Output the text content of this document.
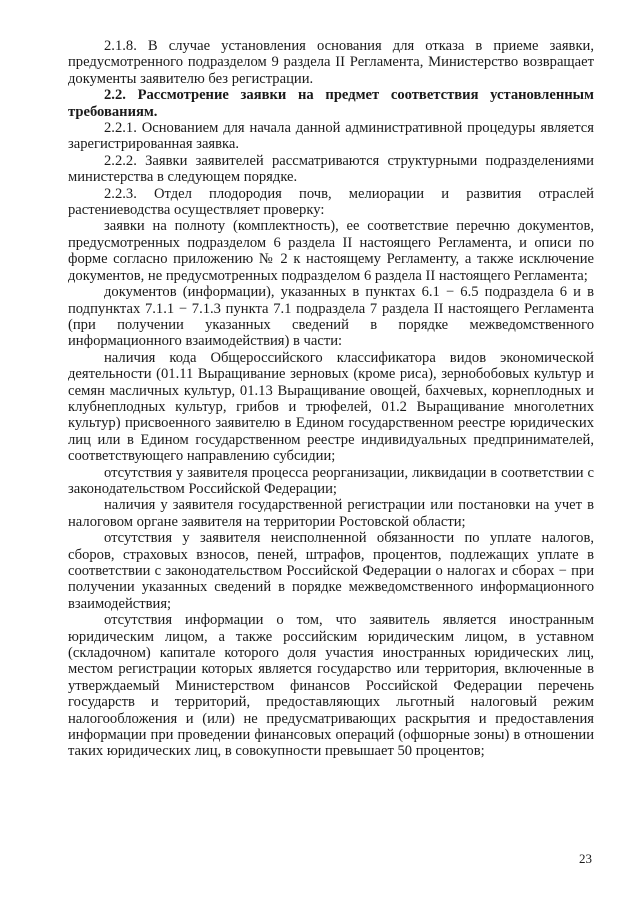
2.1.8. В случае установления основания для отказа в приеме заявки, предусмотренного подразделом 9 раздела II Регламента, Министерство возвращает документы заявителю без регистрации.

2.2. Рассмотрение заявки на предмет соответствия установленным требованиям.

2.2.1. Основанием для начала данной административной процедуры является зарегистрированная заявка.

2.2.2. Заявки заявителей рассматриваются структурными подразделениями министерства в следующем порядке.

2.2.3. Отдел плодородия почв, мелиорации и развития отраслей растениеводства осуществляет проверку:

заявки на полноту (комплектность), ее соответствие перечню документов, предусмотренных подразделом 6 раздела II настоящего Регламента, и описи по форме согласно приложению № 2 к настоящему Регламенту, а также исключение документов, не предусмотренных подразделом 6 раздела II настоящего Регламента;

документов (информации), указанных в пунктах 6.1 − 6.5 подраздела 6 и в подпунктах 7.1.1 − 7.1.3 пункта 7.1 подраздела 7 раздела II настоящего Регламента (при получении указанных сведений в порядке межведомственного информационного взаимодействия) в части:

наличия кода Общероссийского классификатора видов экономической деятельности (01.11 Выращивание зерновых (кроме риса), зернобобовых культур и семян масличных культур, 01.13 Выращивание овощей, бахчевых, корнеплодных и клубнеплодных культур, грибов и трюфелей, 01.2 Выращивание многолетних культур) присвоенного заявителю в Едином государственном реестре юридических лиц или в Едином государственном реестре индивидуальных предпринимателей, соответствующего направлению субсидии;

отсутствия у заявителя процесса реорганизации, ликвидации в соответствии с законодательством Российской Федерации;

наличия у заявителя государственной регистрации или постановки на учет в налоговом органе заявителя на территории Ростовской области;

отсутствия у заявителя неисполненной обязанности по уплате налогов, сборов, страховых взносов, пеней, штрафов, процентов, подлежащих уплате в соответствии с законодательством Российской Федерации о налогах и сборах − при получении указанных сведений в порядке межведомственного информационного взаимодействия;

отсутствия информации о том, что заявитель является иностранным юридическим лицом, а также российским юридическим лицом, в уставном (складочном) капитале которого доля участия иностранных юридических лиц, местом регистрации которых является государство или территория, включенные в утверждаемый Министерством финансов Российской Федерации перечень государств и территорий, предоставляющих льготный налоговый режим налогообложения и (или) не предусматривающих раскрытия и предоставления информации при проведении финансовых операций (офшорные зоны) в отношении таких юридических лиц, в совокупности превышает 50 процентов;

23
